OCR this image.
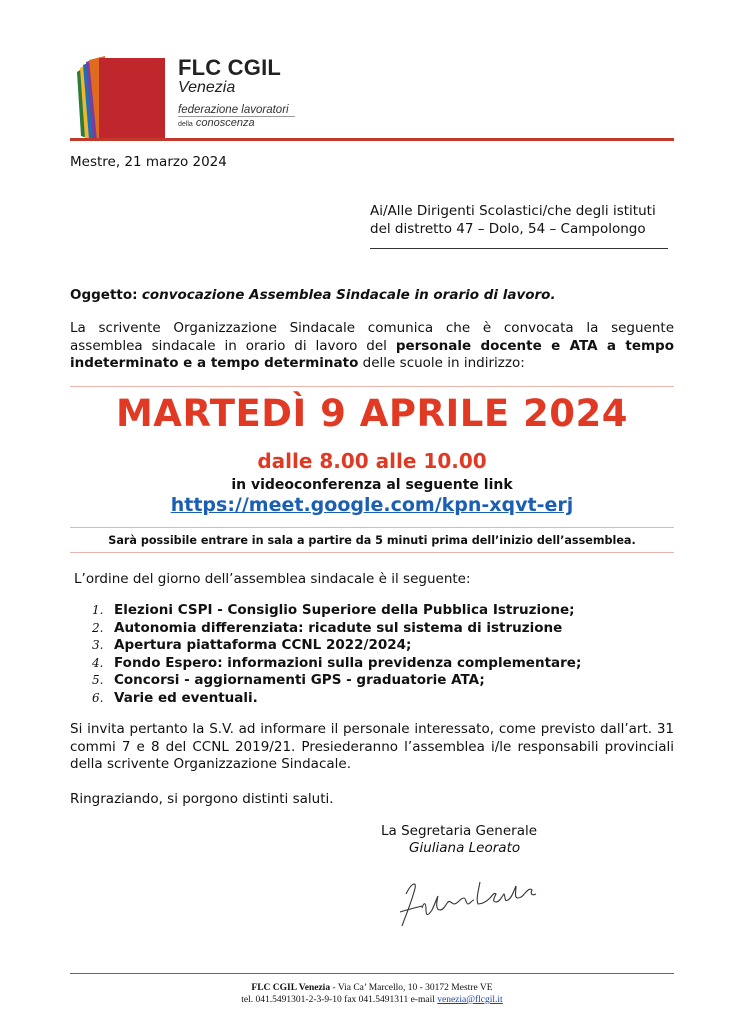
FLC CGIL
Venezia
federazione lavoratori
della conoscenza
Mestre, 21 marzo 2024
Ai/Alle Dirigenti Scolastici/che degli istituti
del distretto 47 – Dolo, 54 – Campolongo
Oggetto: convocazione Assemblea Sindacale in orario di lavoro.
La scrivente Organizzazione Sindacale comunica che è convocata la seguente assemblea sindacale in orario di lavoro del personale docente e ATA a tempo indeterminato e a tempo determinato delle scuole in indirizzo:
MARTEDÌ 9 APRILE 2024
dalle 8.00 alle 10.00
in videoconferenza al seguente link
https://meet.google.com/kpn-xqvt-erj
Sarà possibile entrare in sala a partire da 5 minuti prima dell’inizio dell’assemblea.
L’ordine del giorno dell’assemblea sindacale è il seguente:
1. Elezioni CSPI - Consiglio Superiore della Pubblica Istruzione;
2. Autonomia differenziata: ricadute sul sistema di istruzione
3. Apertura piattaforma CCNL 2022/2024;
4. Fondo Espero: informazioni sulla previdenza complementare;
5. Concorsi - aggiornamenti GPS - graduatorie ATA;
6. Varie ed eventuali.
Si invita pertanto la S.V. ad informare il personale interessato, come previsto dall’art. 31 commi 7 e 8 del CCNL 2019/21. Presiederanno l’assemblea i/le responsabili provinciali della scrivente Organizzazione Sindacale.
Ringraziando, si porgono distinti saluti.
La Segretaria Generale
Giuliana Leorato
FLC CGIL Venezia - Via Ca’ Marcello, 10 - 30172 Mestre VE
tel. 041.5491301-2-3-9-10 fax 041.5491311 e-mail venezia@flcgil.it
